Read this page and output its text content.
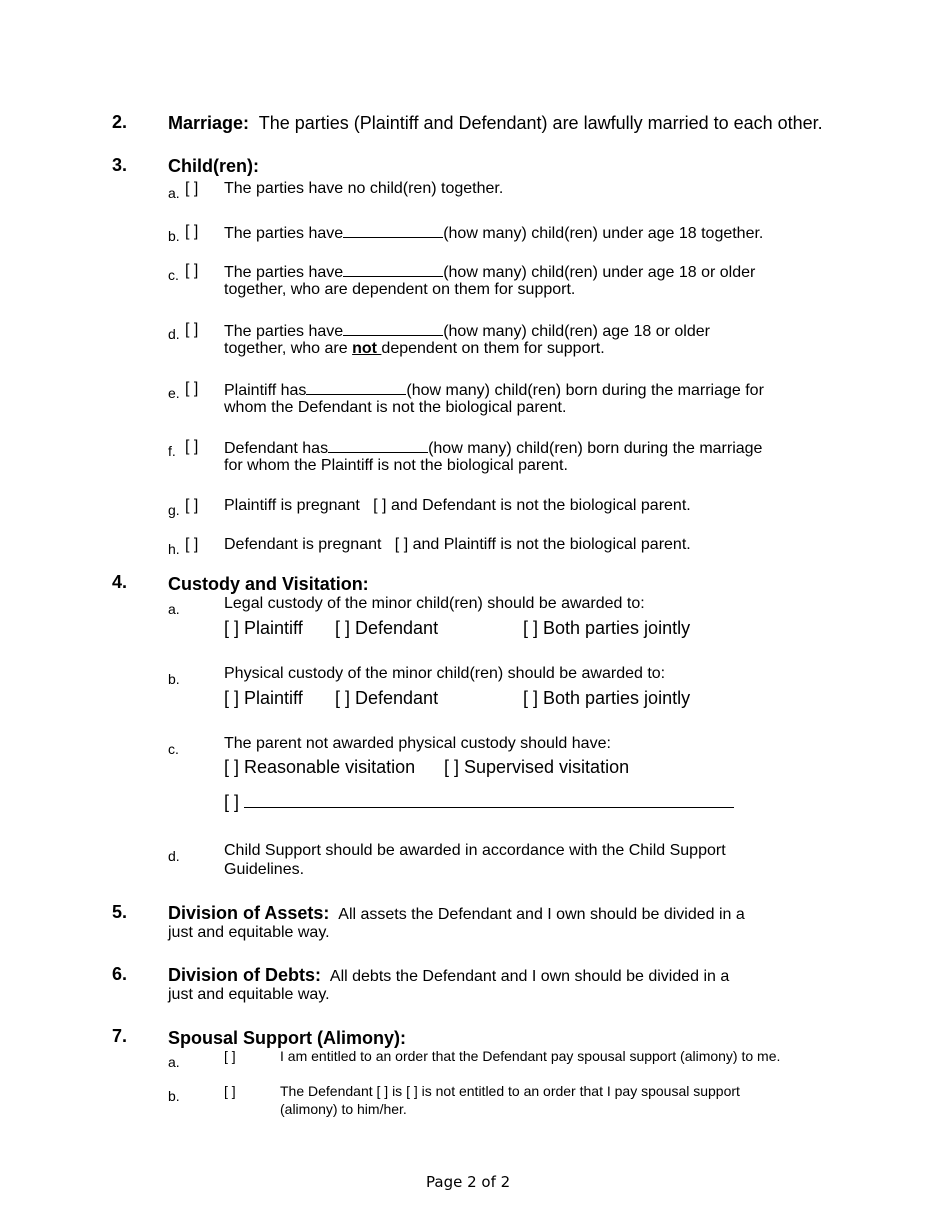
2. Marriage: The parties (Plaintiff and Defendant) are lawfully married to each other.
3. Child(ren):
a. [ ] The parties have no child(ren) together.
b. [ ] The parties have	(how many) child(ren) under age 18 together.
c. [ ] The parties have	(how many) child(ren) under age 18 or older
together, who are dependent on them for support.
d. [ ] The parties have	(how many) child(ren) age 18 or older
together, who are not dependent on them for support.
e. [ ] Plaintiff has	(how many) child(ren) born during the marriage for
whom the Defendant is not the biological parent.
f. [ ] Defendant has	(how many) child(ren) born during the marriage
for whom the Plaintiff is not the biological parent.
g. [ ] Plaintiff is pregnant [ ] and Defendant is not the biological parent.
h. [ ] Defendant is pregnant [ ] and Plaintiff is not the biological parent.
4. Custody and Visitation:
a.	Legal custody of the minor child(ren) should be awarded to:
[ ] Plaintiff [ ] Defendant	[ ] Both parties jointly
b.	Physical custody of the minor child(ren) should be awarded to:
[ ] Plaintiff [ ] Defendant	[ ] Both parties jointly
c.	The parent not awarded physical custody should have:
[ ] Reasonable visitation [ ] Supervised visitation
[ ]
d.	Child Support should be awarded in accordance with the Child Support
Guidelines.
5. Division of Assets: All assets the Defendant and I own should be divided in a
just and equitable way.
6. Division of Debts: All debts the Defendant and I own should be divided in a
just and equitable way.
7. Spousal Support (Alimony):
a.	[ ]	I am entitled to an order that the Defendant pay spousal support (alimony) to me.
b.	[ ]	The Defendant [ ] is [ ] is not entitled to an order that I pay spousal support
(alimony) to him/her.
Page 2 of 2
